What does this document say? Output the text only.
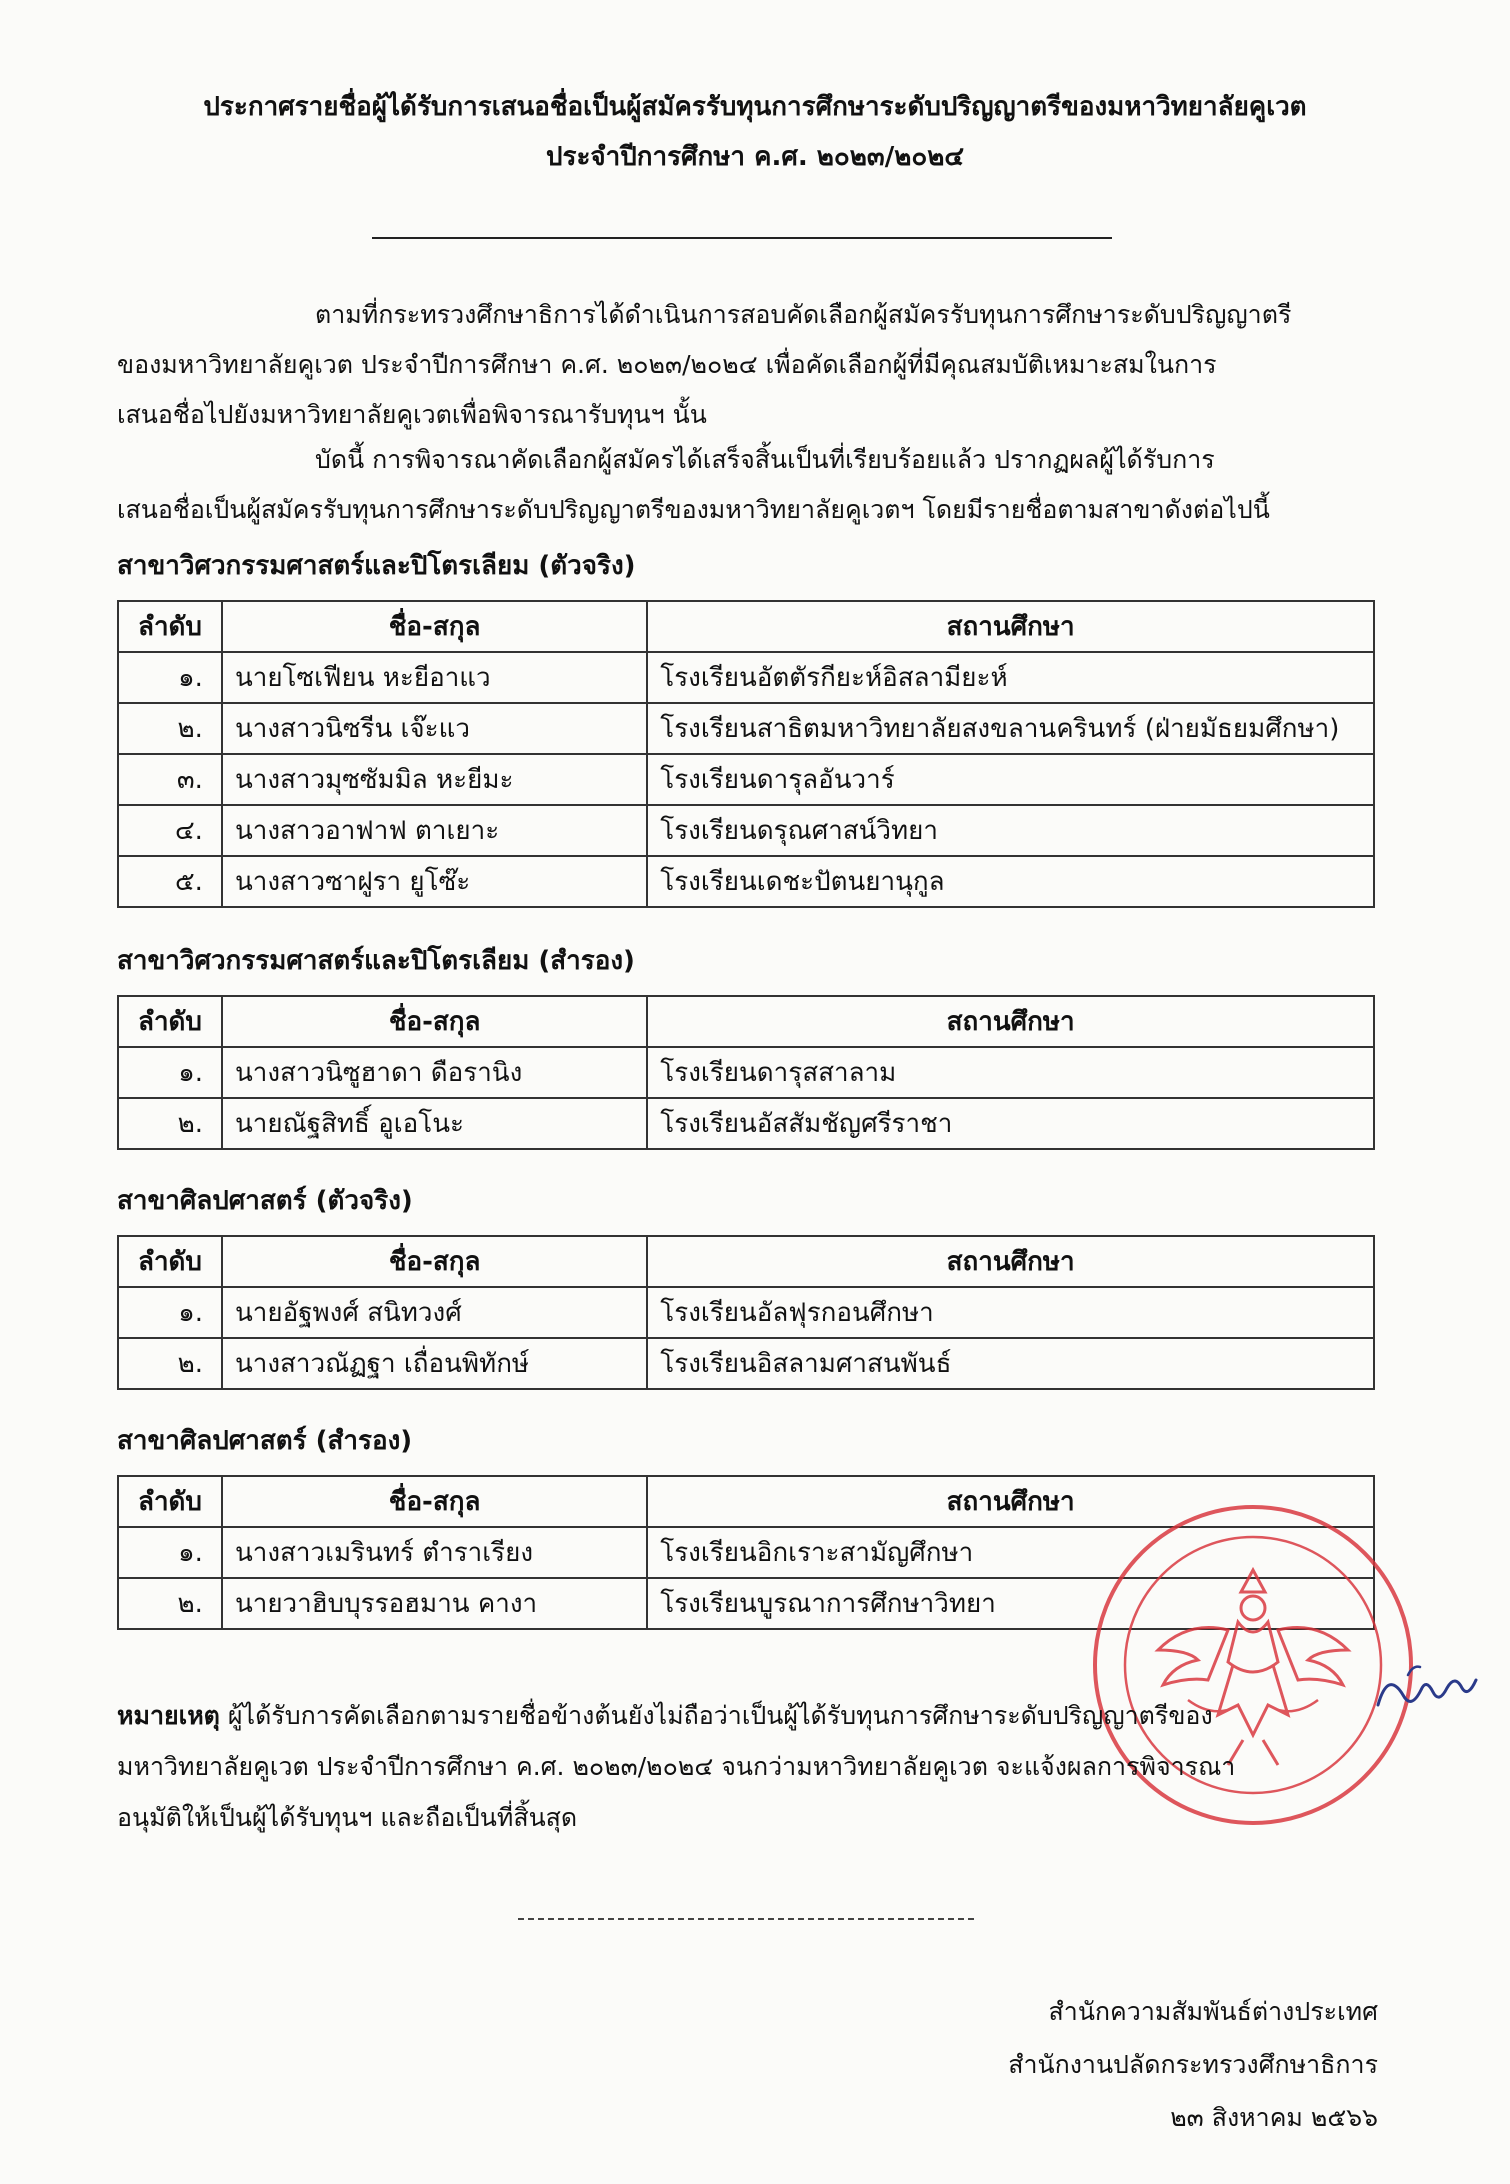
ประกาศรายชื่อผู้ได้รับการเสนอชื่อเป็นผู้สมัครรับทุนการศึกษาระดับปริญญาตรีของมหาวิทยาลัยคูเวต
ประจำปีการศึกษา ค.ศ. ๒๐๒๓/๒๐๒๔
ตามที่กระทรวงศึกษาธิการได้ดำเนินการสอบคัดเลือกผู้สมัครรับทุนการศึกษาระดับปริญญาตรี
ของมหาวิทยาลัยคูเวต ประจำปีการศึกษา ค.ศ. ๒๐๒๓/๒๐๒๔ เพื่อคัดเลือกผู้ที่มีคุณสมบัติเหมาะสมในการ
เสนอชื่อไปยังมหาวิทยาลัยคูเวตเพื่อพิจารณารับทุนฯ นั้น
บัดนี้ การพิจารณาคัดเลือกผู้สมัครได้เสร็จสิ้นเป็นที่เรียบร้อยแล้ว ปรากฏผลผู้ได้รับการ
เสนอชื่อเป็นผู้สมัครรับทุนการศึกษาระดับปริญญาตรีของมหาวิทยาลัยคูเวตฯ โดยมีรายชื่อตามสาขาดังต่อไปนี้
สาขาวิศวกรรมศาสตร์และปิโตรเลียม (ตัวจริง)
ลำดับ	ชื่อ-สกุล	สถานศึกษา
๑.	นายโซเฟียน หะยีอาแว	โรงเรียนอัตตัรกียะห์อิสลามียะห์
๒.	นางสาวนิซรีน เจ๊ะแว	โรงเรียนสาธิตมหาวิทยาลัยสงขลานครินทร์ (ฝ่ายมัธยมศึกษา)
๓.	นางสาวมุซซัมมิล หะยีมะ	โรงเรียนดารุลอันวาร์
๔.	นางสาวอาฟาฟ ตาเยาะ	โรงเรียนดรุณศาสน์วิทยา
๕.	นางสาวซาฝูรา ยูโซ๊ะ	โรงเรียนเดชะปัตนยานุกูล
สาขาวิศวกรรมศาสตร์และปิโตรเลียม (สำรอง)
ลำดับ	ชื่อ-สกุล	สถานศึกษา
๑.	นางสาวนิซูฮาดา ดือรานิง	โรงเรียนดารุสสาลาม
๒.	นายณัฐสิทธิ์ อูเอโนะ	โรงเรียนอัสสัมชัญศรีราชา
สาขาศิลปศาสตร์ (ตัวจริง)
ลำดับ	ชื่อ-สกุล	สถานศึกษา
๑.	นายอัฐพงศ์ สนิทวงศ์	โรงเรียนอัลฟุรกอนศึกษา
๒.	นางสาวณัฏฐา เถื่อนพิทักษ์	โรงเรียนอิสลามศาสนพันธ์
สาขาศิลปศาสตร์ (สำรอง)
ลำดับ	ชื่อ-สกุล	สถานศึกษา
๑.	นางสาวเมรินทร์ ตำราเรียง	โรงเรียนอิกเราะสามัญศึกษา
๒.	นายวาฮิบบุรรอฮมาน คางา	โรงเรียนบูรณาการศึกษาวิทยา
หมายเหตุ ผู้ได้รับการคัดเลือกตามรายชื่อข้างต้นยังไม่ถือว่าเป็นผู้ได้รับทุนการศึกษาระดับปริญญาตรีของ
มหาวิทยาลัยคูเวต ประจำปีการศึกษา ค.ศ. ๒๐๒๓/๒๐๒๔ จนกว่ามหาวิทยาลัยคูเวต จะแจ้งผลการพิจารณา
อนุมัติให้เป็นผู้ได้รับทุนฯ และถือเป็นที่สิ้นสุด
สำนักความสัมพันธ์ต่างประเทศ
สำนักงานปลัดกระทรวงศึกษาธิการ
๒๓ สิงหาคม ๒๕๖๖
